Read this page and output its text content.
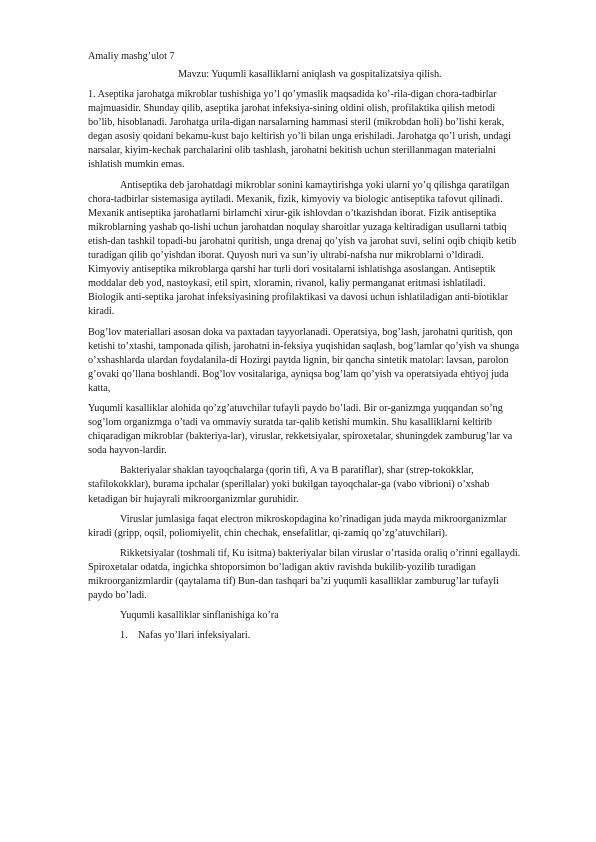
Amaliy mashg’ulot 7
Mavzu: Yuqumli kasalliklarni aniqlash va gospitalizatsiya qilish.

1. Aseptika jarohatga mikroblar tushishiga yo’l qo’ymaslik maqsadida ko’-rila-digan chora-tadbirlar majmuasidir. Shunday qilib, aseptika jarohat infeksiya-sining oldini olish, profilaktika qilish metodi bo’lib, hisoblanadi. Jarohatga urila-digan narsalarning hammasi steril (mikrobdan holi) bo’lishi kerak, degan asosiy qoidani bekamu-kust bajo keltirish yo’li bilan unga erishiladi. Jarohatga qo’l urish, undagi narsalar, kiyim-kechak parchalarini olib tashlash, jarohatni bekitish uchun sterillanmagan materialni ishlatish mumkin emas.

Antiseptika deb jarohatdagi mikroblar sonini kamaytirishga yoki ularni yo’q qilishga qaratilgan chora-tadbirlar sistemasiga aytiladi. Mexanik, fizik, kimyoviy va biologic antiseptika tafovut qilinadi. Mexanik antiseptika jarohatlarni birlamchi xirur-gik ishlovdan o’tkazishdan iborat. Fizik antiseptika mikroblarning yashab qo-lishi uchun jarohatdan noqulay sharoitlar yuzaga keltiradigan usullarni tatbiq etish-dan tashkil topadi-bu jarohatni quritish, unga drenaj qo’yish va jarohat suvi, selini oqib chiqib ketib turadigan qilib qo’yishdan iborat. Quyosh nuri va sun’iy ultrabi-nafsha nur mikroblarni o’ldiradi. Kimyoviy antiseptika mikroblarga qarshi har turli dori vositalarni ishlatishga asoslangan. Antiseptik moddalar deb yod, nastoykasi, etil spirt, xloramin, rivanol, kaliy permanganat eritmasi ishlatiladi. Biologik anti-septika jarohat infeksiyasining profilaktikasi va davosi uchun ishlatiladigan anti-biotiklar kiradi.

Bog’lov materiallari asosan doka va paxtadan tayyorlanadi. Operatsiya, bog’lash, jarohatni quritish, qon ketishi to’xtashi, tamponada qilish, jarohatni in-feksiya yuqishidan saqlash, bog’lamlar qo’yish va shunga o’xshashlarda ulardan foydalanila-di Hozirgi paytda lignin, bir qancha sintetik matolar: lavsan, parolon g’ovaki qo’llana boshlandi. Bog’lov vositalariga, ayniqsa bog’lam qo’yish va operatsiyada ehtiyoj juda katta,

Yuqumli kasalliklar alohida qo’zg’atuvchilar tufayli paydo bo’ladi. Bir or-ganizmga yuqqandan so’ng sog’lom organizmga o’tadi va ommaviy suratda tar-qalib ketishi mumkin. Shu kasalliklarni keltirib chiqaradigan mikroblar (bakteriya-lar), viruslar, rekketsiyalar, spiroxetalar, shuningdek zamburug’lar va soda hayvon-lardir.

Bakteriyalar shaklan tayoqchalarga (qorin tifi, A va B paratiflar), shar (strep-tokokklar, stafilokokklar), burama ipchalar (sperillalar) yoki bukilgan tayoqchalar-ga (vabo vibrioni) o’xshab ketadigan bir hujayrali mikroorganizmlar guruhidir.

Viruslar jumlasiga faqat electron mikroskopdagina ko’rinadigan juda mayda mikroorganizmlar kiradi (gripp, oqsil, poliomiyelit, chin chechak, ensefalitlar, qi-zamiq qo’zg’atuvchilari).

Rikketsiyalar (toshmali tif, Ku isitma) bakteriyalar bilan viruslar o’rtasida oraliq o’rinni egallaydi. Spiroxetalar odatda, ingichka shtoporsimon bo’ladigan aktiv ravishda bukilib-yozilib turadigan mikroorganizmlardir (qaytalama tif) Bun-dan tashqari ba’zi yuqumli kasalliklar zamburug’lar tufayli paydo bo’ladi.

Yuqumli kasalliklar sinflanishiga ko’ra

1. Nafas yo’llari infeksiyalari.
